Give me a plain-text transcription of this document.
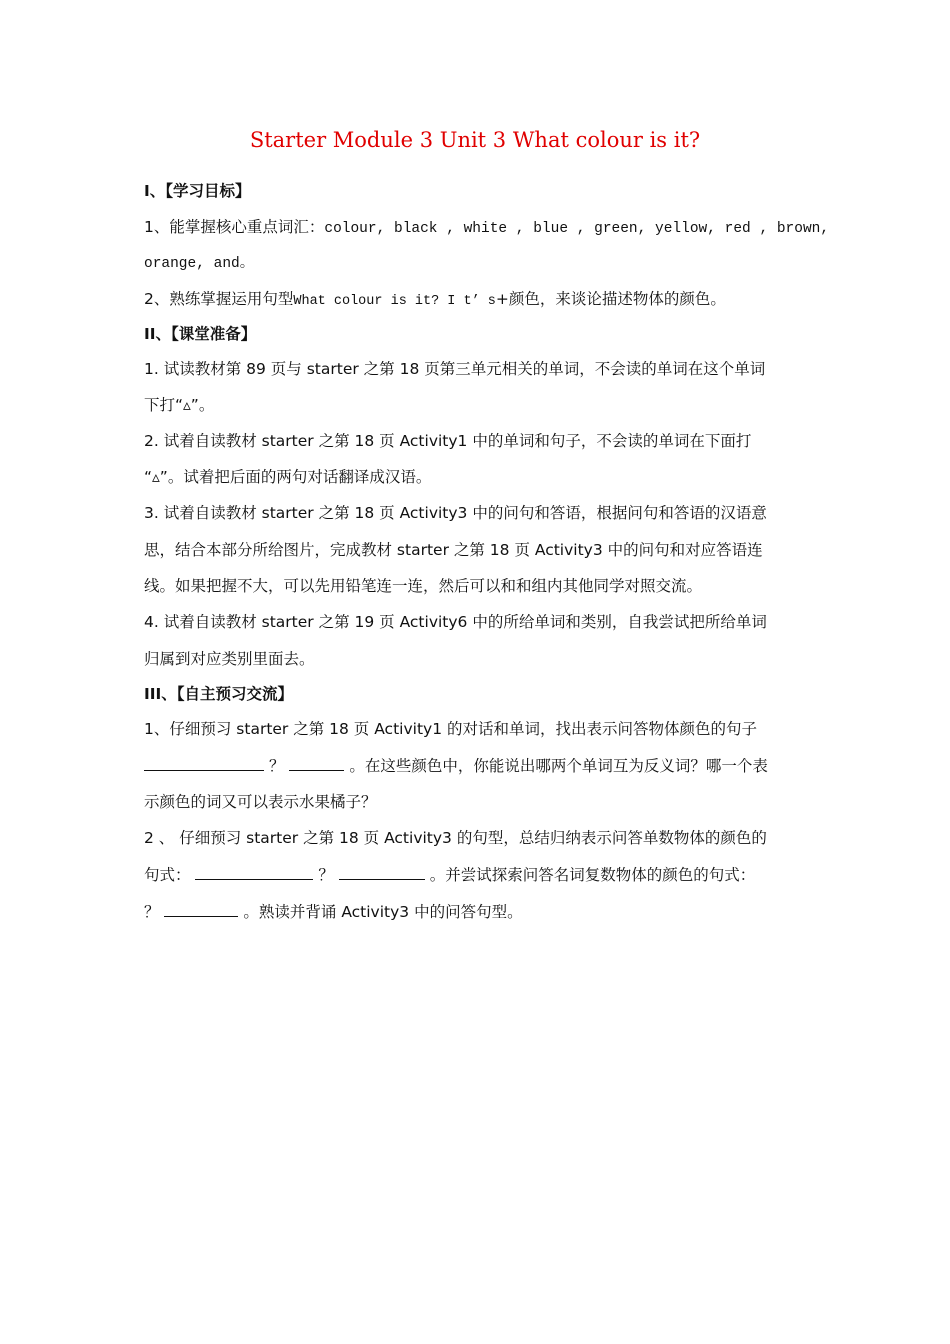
Starter Module 3 Unit 3 What colour is it?
I、【学习目标】
1、能掌握核心重点词汇：colour, black , white , blue , green, yellow, red , brown,
orange, and。
2、熟练掌握运用句型What colour is it? I t’ s+颜色，来谈论描述物体的颜色。
II、【课堂准备】
1. 试读教材第 89 页与 starter 之第 18 页第三单元相关的单词，不会读的单词在这个单词
下打“▵”。
2. 试着自读教材 starter 之第 18 页 Activity1 中的单词和句子，不会读的单词在下面打
“▵”。试着把后面的两句对话翻译成汉语。
3. 试着自读教材 starter 之第 18 页 Activity3 中的问句和答语，根据问句和答语的汉语意
思，结合本部分所给图片，完成教材 starter 之第 18 页 Activity3 中的问句和对应答语连
线。如果把握不大，可以先用铅笔连一连，然后可以和和组内其他同学对照交流。
4. 试着自读教材 starter 之第 19 页 Activity6 中的所给单词和类别，自我尝试把所给单词
归属到对应类别里面去。
III、【自主预习交流】
1、仔细预习 starter 之第 18 页 Activity1 的对话和单词，找出表示问答物体颜色的句子
？	。在这些颜色中，你能说出哪两个单词互为反义词？哪一个表
示颜色的词又可以表示水果橘子？
2 、 仔细预习 starter 之第 18 页 Activity3 的句型，总结归纳表示问答单数物体的颜色的
句式：	？	。并尝试探索问答名词复数物体的颜色的句式：
？	。熟读并背诵 Activity3 中的问答句型。
